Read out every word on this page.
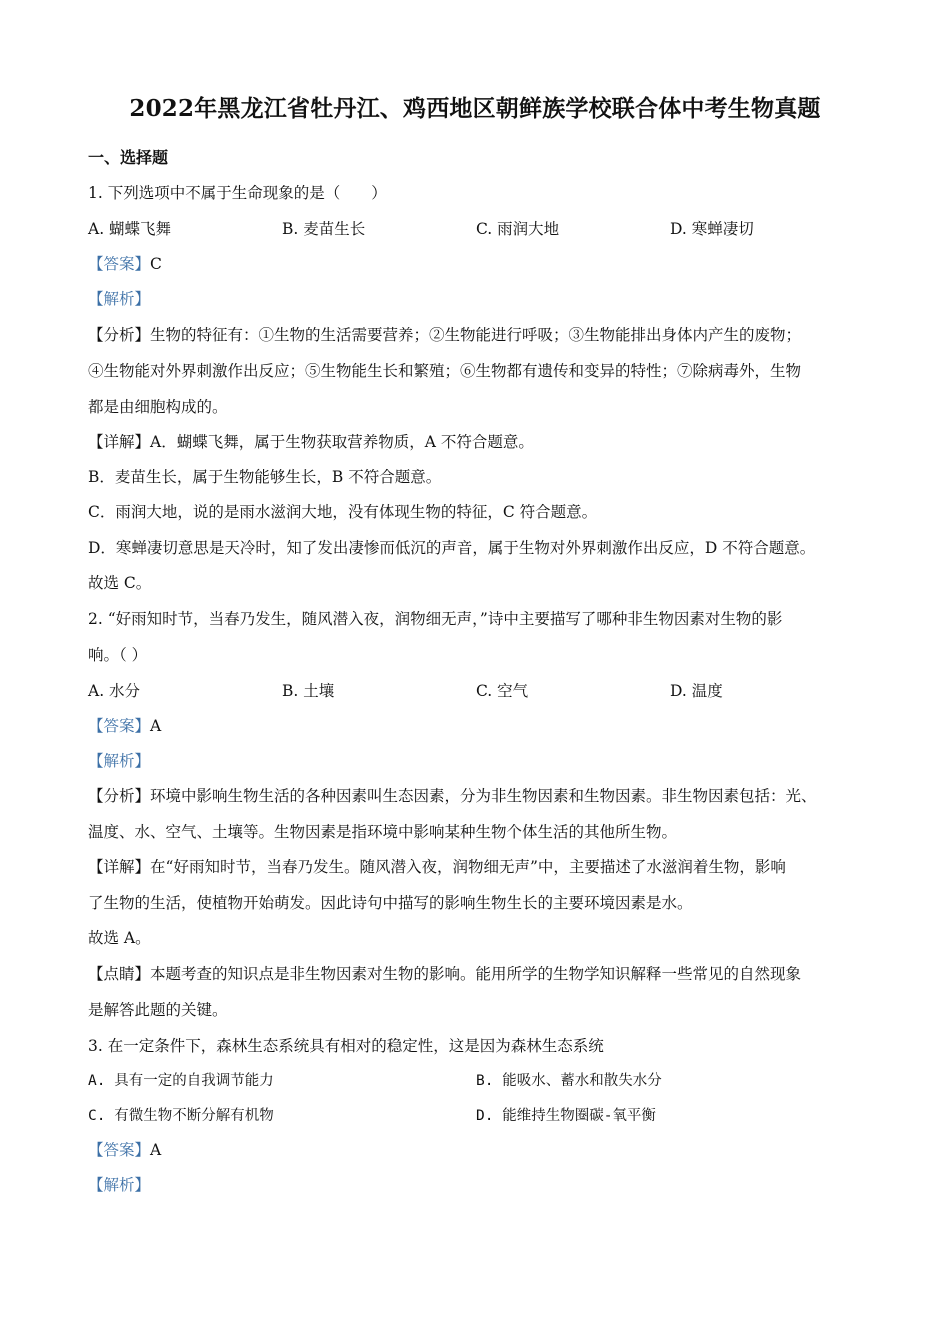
2022年黑龙江省牡丹江、鸡西地区朝鲜族学校联合体中考生物真题
一、选择题
1. 下列选项中不属于生命现象的是（　　）
A. 蝴蝶飞舞	B. 麦苗生长	C. 雨润大地	D. 寒蝉凄切
【答案】C
【解析】
【分析】生物的特征有：①生物的生活需要营养；②生物能进行呼吸；③生物能排出身体内产生的废物；
④生物能对外界刺激作出反应；⑤生物能生长和繁殖；⑥生物都有遗传和变异的特性；⑦除病毒外，生物
都是由细胞构成的。
【详解】A．蝴蝶飞舞，属于生物获取营养物质，A 不符合题意。
B．麦苗生长，属于生物能够生长，B 不符合题意。
C．雨润大地，说的是雨水滋润大地，没有体现生物的特征，C 符合题意。
D．寒蝉凄切意思是天冷时，知了发出凄惨而低沉的声音，属于生物对外界刺激作出反应，D 不符合题意。
故选 C。
2. “好雨知时节，当春乃发生，随风潜入夜，润物细无声，”诗中主要描写了哪种非生物因素对生物的影
响。（ ）
A. 水分	B. 土壤	C. 空气	D. 温度
【答案】A
【解析】
【分析】环境中影响生物生活的各种因素叫生态因素，分为非生物因素和生物因素。非生物因素包括：光、
温度、水、空气、土壤等。生物因素是指环境中影响某种生物个体生活的其他所生物。
【详解】在“好雨知时节，当春乃发生。随风潜入夜，润物细无声”中，主要描述了水滋润着生物，影响
了生物的生活，使植物开始萌发。因此诗句中描写的影响生物生长的主要环境因素是水。
故选 A。
【点睛】本题考查的知识点是非生物因素对生物的影响。能用所学的生物学知识解释一些常见的自然现象
是解答此题的关键。
3. 在一定条件下，森林生态系统具有相对的稳定性，这是因为森林生态系统
A. 具有一定的自我调节能力	B. 能吸水、蓄水和散失水分
C. 有微生物不断分解有机物	D. 能维持生物圈碳-氧平衡
【答案】A
【解析】
